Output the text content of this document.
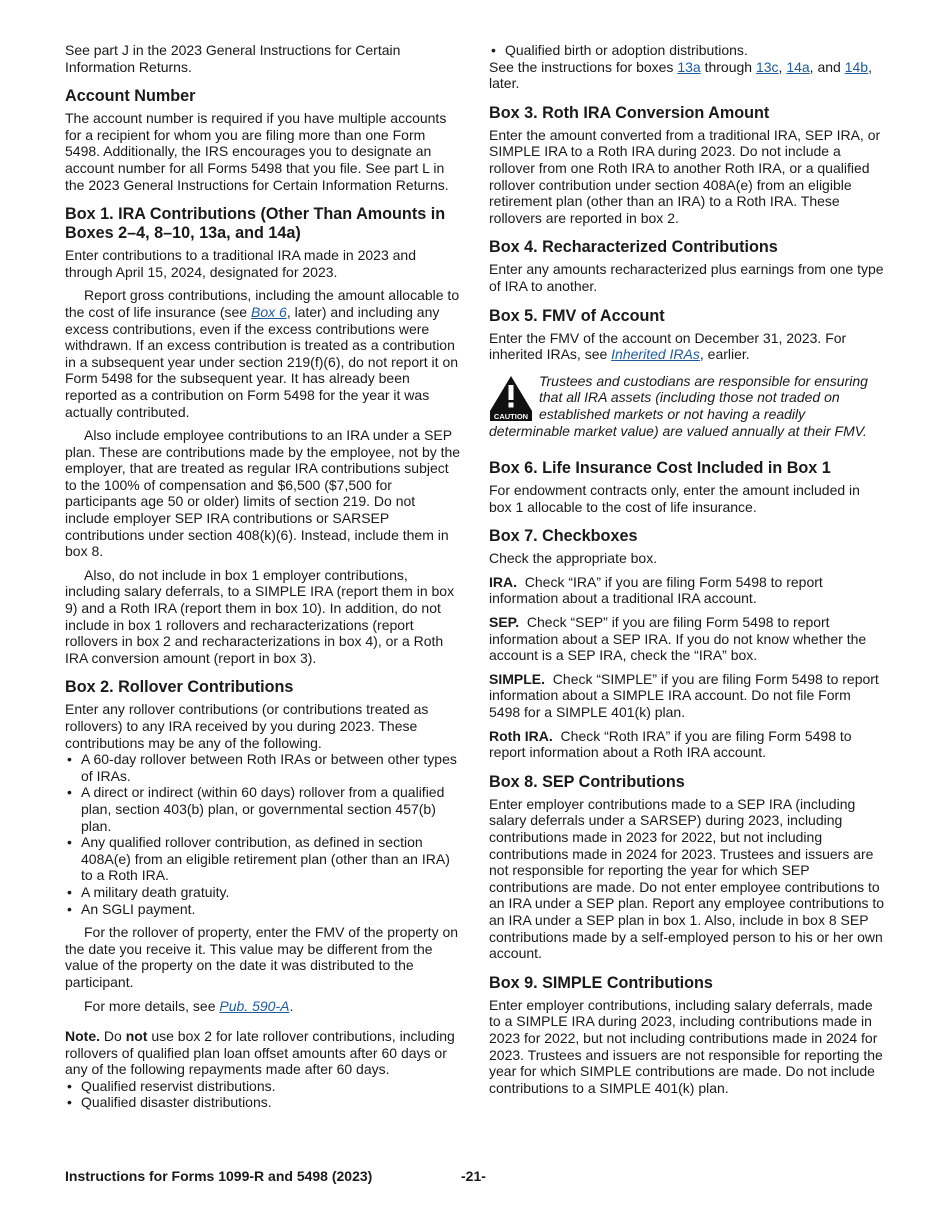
See part J in the 2023 General Instructions for Certain Information Returns.

Account Number

The account number is required if you have multiple accounts for a recipient for whom you are filing more than one Form 5498. Additionally, the IRS encourages you to designate an account number for all Forms 5498 that you file. See part L in the 2023 General Instructions for Certain Information Returns.

Box 1. IRA Contributions (Other Than Amounts in Boxes 2–4, 8–10, 13a, and 14a)

Enter contributions to a traditional IRA made in 2023 and through April 15, 2024, designated for 2023.

Report gross contributions, including the amount allocable to the cost of life insurance (see Box 6, later) and including any excess contributions, even if the excess contributions were withdrawn. If an excess contribution is treated as a contribution in a subsequent year under section 219(f)(6), do not report it on Form 5498 for the subsequent year. It has already been reported as a contribution on Form 5498 for the year it was actually contributed.

Also include employee contributions to an IRA under a SEP plan. These are contributions made by the employee, not by the employer, that are treated as regular IRA contributions subject to the 100% of compensation and $6,500 ($7,500 for participants age 50 or older) limits of section 219. Do not include employer SEP IRA contributions or SARSEP contributions under section 408(k)(6). Instead, include them in box 8.

Also, do not include in box 1 employer contributions, including salary deferrals, to a SIMPLE IRA (report them in box 9) and a Roth IRA (report them in box 10). In addition, do not include in box 1 rollovers and recharacterizations (report rollovers in box 2 and recharacterizations in box 4), or a Roth IRA conversion amount (report in box 3).

Box 2. Rollover Contributions

Enter any rollover contributions (or contributions treated as rollovers) to any IRA received by you during 2023. These contributions may be any of the following.

• A 60-day rollover between Roth IRAs or between other types of IRAs.
• A direct or indirect (within 60 days) rollover from a qualified plan, section 403(b) plan, or governmental section 457(b) plan.
• Any qualified rollover contribution, as defined in section 408A(e) from an eligible retirement plan (other than an IRA) to a Roth IRA.
• A military death gratuity.
• An SGLI payment.

For the rollover of property, enter the FMV of the property on the date you receive it. This value may be different from the value of the property on the date it was distributed to the participant.

For more details, see Pub. 590-A.

Note. Do not use box 2 for late rollover contributions, including rollovers of qualified plan loan offset amounts after 60 days or any of the following repayments made after 60 days.

• Qualified reservist distributions.
• Qualified disaster distributions.
• Qualified birth or adoption distributions.

See the instructions for boxes 13a through 13c, 14a, and 14b, later.

Box 3. Roth IRA Conversion Amount

Enter the amount converted from a traditional IRA, SEP IRA, or SIMPLE IRA to a Roth IRA during 2023. Do not include a rollover from one Roth IRA to another Roth IRA, or a qualified rollover contribution under section 408A(e) from an eligible retirement plan (other than an IRA) to a Roth IRA. These rollovers are reported in box 2.

Box 4. Recharacterized Contributions

Enter any amounts recharacterized plus earnings from one type of IRA to another.

Box 5. FMV of Account

Enter the FMV of the account on December 31, 2023. For inherited IRAs, see Inherited IRAs, earlier.

CAUTION
Trustees and custodians are responsible for ensuring that all IRA assets (including those not traded on established markets or not having a readily determinable market value) are valued annually at their FMV.
Box 6. Life Insurance Cost Included in Box 1

For endowment contracts only, enter the amount included in box 1 allocable to the cost of life insurance.

Box 7. Checkboxes

Check the appropriate box.

IRA. Check “IRA” if you are filing Form 5498 to report information about a traditional IRA account.

SEP. Check “SEP” if you are filing Form 5498 to report information about a SEP IRA. If you do not know whether the account is a SEP IRA, check the “IRA” box.

SIMPLE. Check “SIMPLE” if you are filing Form 5498 to report information about a SIMPLE IRA account. Do not file Form 5498 for a SIMPLE 401(k) plan.

Roth IRA. Check “Roth IRA” if you are filing Form 5498 to report information about a Roth IRA account.

Box 8. SEP Contributions

Enter employer contributions made to a SEP IRA (including salary deferrals under a SARSEP) during 2023, including contributions made in 2023 for 2022, but not including contributions made in 2024 for 2023. Trustees and issuers are not responsible for reporting the year for which SEP contributions are made. Do not enter employee contributions to an IRA under a SEP plan. Report any employee contributions to an IRA under a SEP plan in box 1. Also, include in box 8 SEP contributions made by a self-employed person to his or her own account.

Box 9. SIMPLE Contributions

Enter employer contributions, including salary deferrals, made to a SIMPLE IRA during 2023, including contributions made in 2023 for 2022, but not including contributions made in 2024 for 2023. Trustees and issuers are not responsible for reporting the year for which SIMPLE contributions are made. Do not include contributions to a SIMPLE 401(k) plan.

Instructions for Forms 1099-R and 5498 (2023)	-21-
